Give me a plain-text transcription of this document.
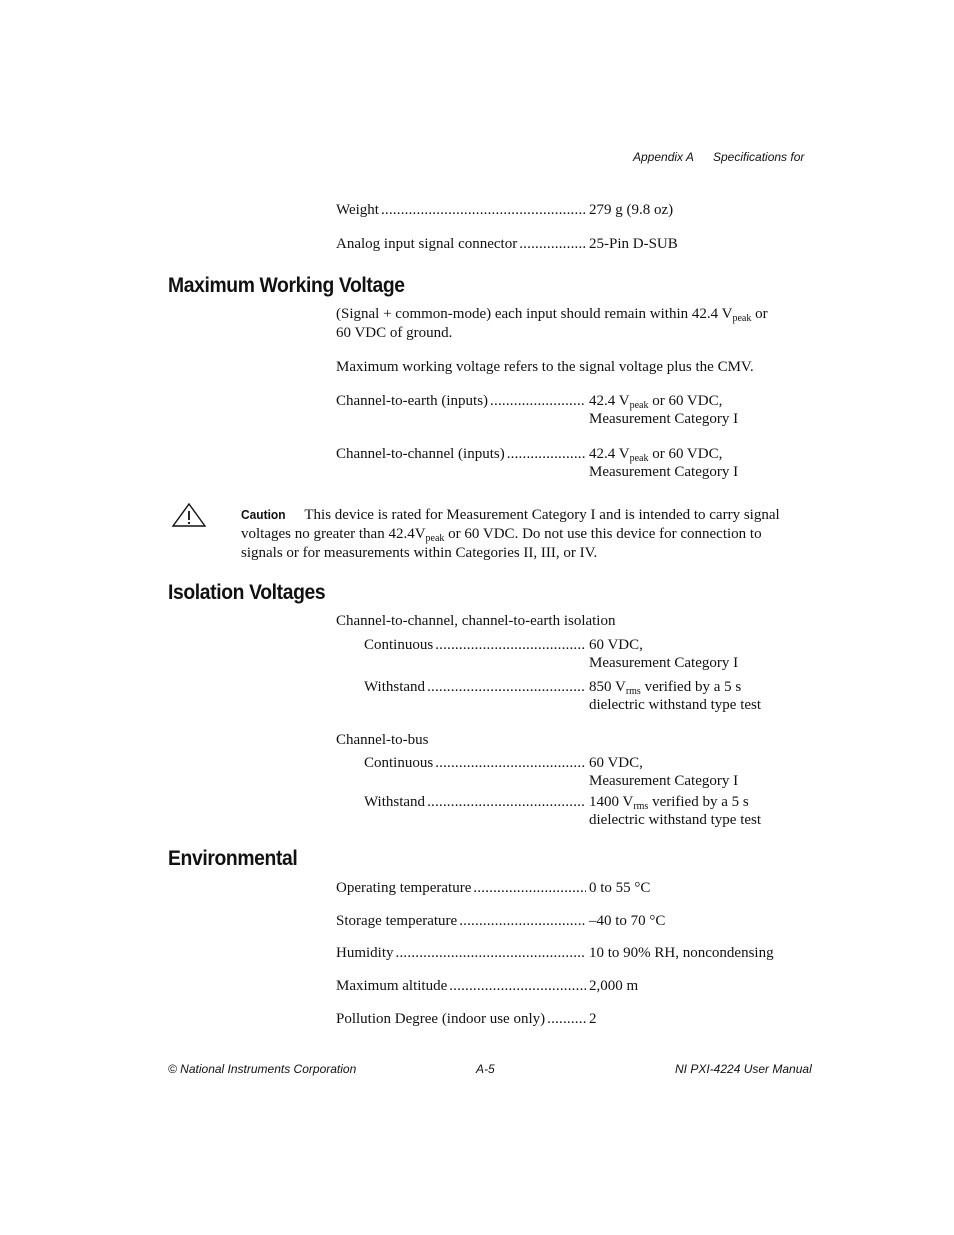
Appendix A Specifications for
Weight .....	279 g (9.8 oz)
Analog input signal connector .....	25-Pin D-SUB
Maximum Working Voltage
(Signal + common-mode) each input should remain within 42.4 $V_{peak}$ or
60 VDC of ground.
Maximum working voltage refers to the signal voltage plus the CMV.
Channel-to-earth (inputs) .....	42.4 $V_{peak}$ or 60 VDC,
Measurement Category I
Channel-to-channel (inputs) .....	42.4 $V_{peak}$ or 60 VDC,
Measurement Category I
Caution This device is rated for Measurement Category I and is intended to carry signal
voltages no greater than $42.4V_{peak}$ or 60 VDC. Do not use this device for connection to
signals or for measurements within Categories II, III, or IV.
Isolation Voltages
Channel-to-channel, channel-to-earth isolation
Continuous .....	60 VDC,
Measurement Category I
Withstand .....	850 $V_{rms}$ verified by a 5 s
dielectric withstand type test
Channel-to-bus
Continuous .....	60 VDC,
Measurement Category I
Withstand .....	1400 $V_{rms}$ verified by a 5 s
dielectric withstand type test
Environmental
Operating temperature .....	0 to 55 °C
Storage temperature .....	–40 to 70 °C
Humidity .....	10 to 90% RH, noncondensing
Maximum altitude .....	2,000 m
Pollution Degree (indoor use only) .....	2
© National Instruments Corporation	A-5	NI PXI-4224 User Manual
